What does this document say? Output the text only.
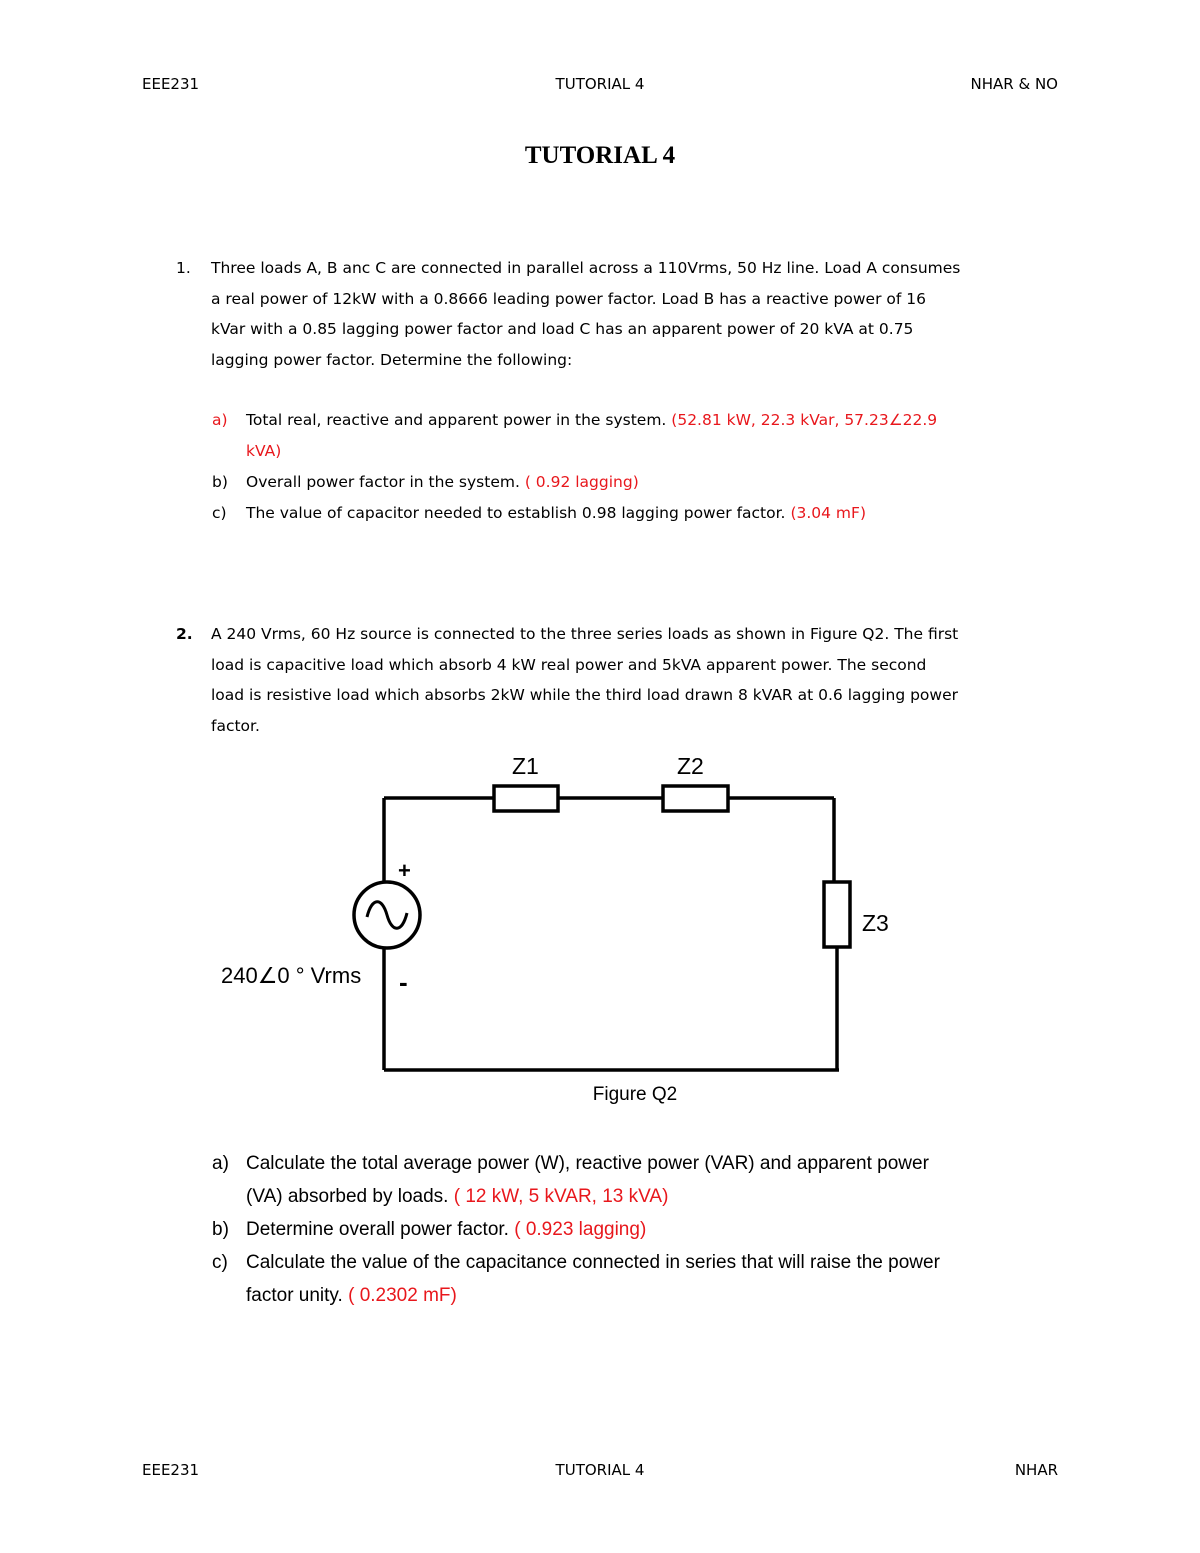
EEE231	TUTORIAL 4	NHAR & NO
TUTORIAL 4
1. Three loads A, B anc C are connected in parallel across a 110Vrms, 50 Hz line. Load A consumes
a real power of 12kW with a 0.8666 leading power factor. Load B has a reactive power of 16
kVar with a 0.85 lagging power factor and load C has an apparent power of 20 kVA at 0.75
lagging power factor. Determine the following:
a) Total real, reactive and apparent power in the system. (52.81 kW, 22.3 kVar, 57.23∠22.9
kVA)
b) Overall power factor in the system. ( 0.92 lagging)
c) The value of capacitor needed to establish 0.98 lagging power factor. (3.04 mF)
2. A 240 Vrms, 60 Hz source is connected to the three series loads as shown in Figure Q2. The first
load is capacitive load which absorb 4 kW real power and 5kVA apparent power. The second
load is resistive load which absorbs 2kW while the third load drawn 8 kVAR at 0.6 lagging power
factor.
Z1	Z2
Z3
+
-
240∠0 ° Vrms
Figure Q2
a) Calculate the total average power (W), reactive power (VAR) and apparent power
(VA) absorbed by loads. ( 12 kW, 5 kVAR, 13 kVA)
b) Determine overall power factor. ( 0.923 lagging)
c) Calculate the value of the capacitance connected in series that will raise the power
factor unity. ( 0.2302 mF)
EEE231	TUTORIAL 4	NHAR
